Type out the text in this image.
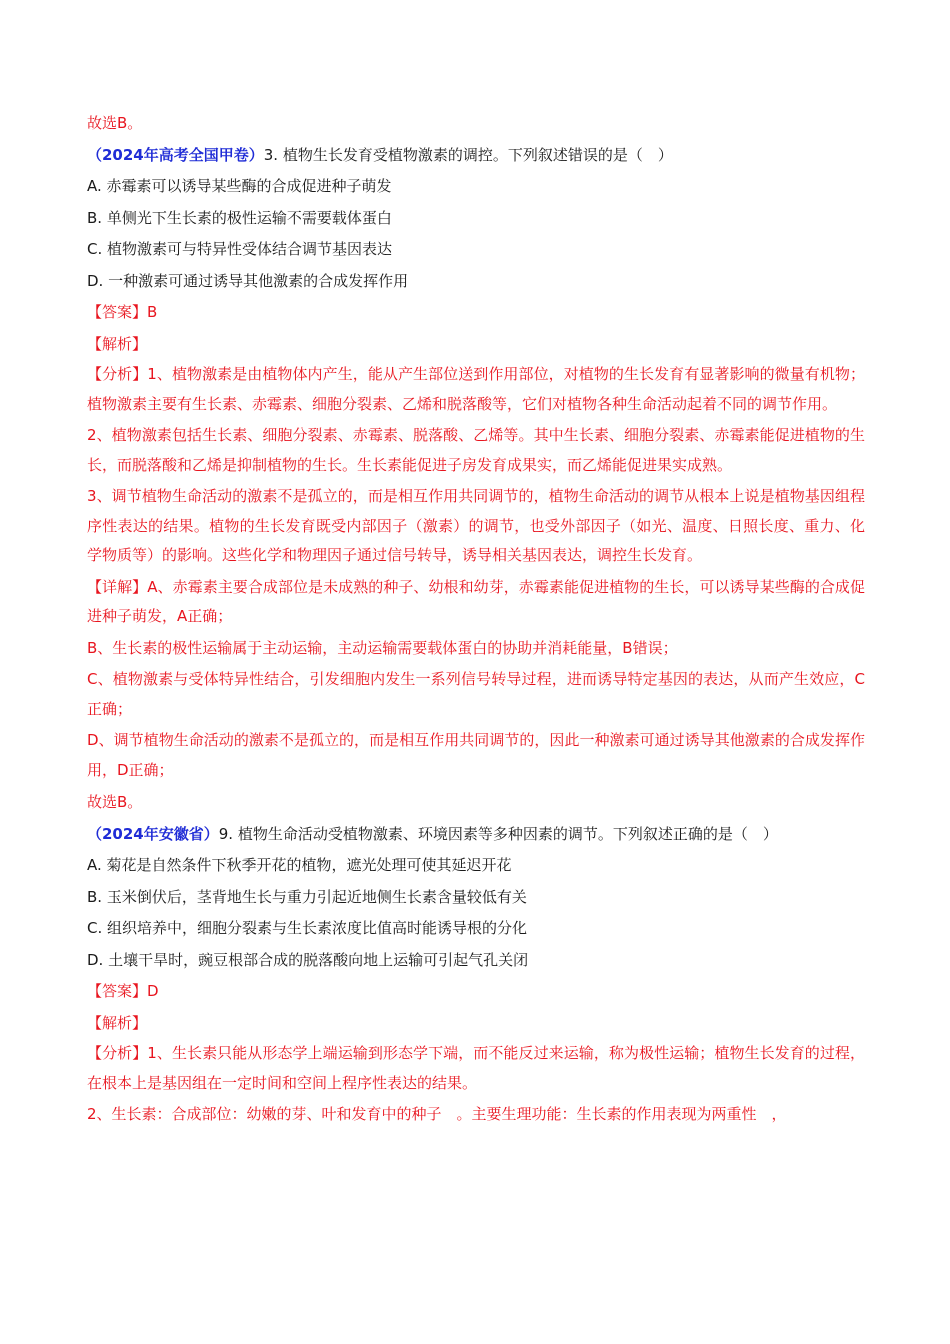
故选B。
（2024年高考全国甲卷）3. 植物生长发育受植物激素的调控。下列叙述错误的是（　）
A. 赤霉素可以诱导某些酶的合成促进种子萌发
B. 单侧光下生长素的极性运输不需要载体蛋白
C. 植物激素可与特异性受体结合调节基因表达
D. 一种激素可通过诱导其他激素的合成发挥作用
【答案】B
【解析】
【分析】1、植物激素是由植物体内产生，能从产生部位送到作用部位，对植物的生长发育有显著影响的微量有机物；植物激素主要有生长素、赤霉素、细胞分裂素、乙烯和脱落酸等，它们对植物各种生命活动起着不同的调节作用。
2、植物激素包括生长素、细胞分裂素、赤霉素、脱落酸、乙烯等。其中生长素、细胞分裂素、赤霉素能促进植物的生长，而脱落酸和乙烯是抑制植物的生长。生长素能促进子房发育成果实，而乙烯能促进果实成熟。
3、调节植物生命活动的激素不是孤立的，而是相互作用共同调节的，植物生命活动的调节从根本上说是植物基因组程序性表达的结果。植物的生长发育既受内部因子（激素）的调节，也受外部因子（如光、温度、日照长度、重力、化学物质等）的影响。这些化学和物理因子通过信号转导，诱导相关基因表达，调控生长发育。
【详解】A、赤霉素主要合成部位是未成熟的种子、幼根和幼芽，赤霉素能促进植物的生长，可以诱导某些酶的合成促进种子萌发，A正确；
B、生长素的极性运输属于主动运输，主动运输需要载体蛋白的协助并消耗能量，B错误；
C、植物激素与受体特异性结合，引发细胞内发生一系列信号转导过程，进而诱导特定基因的表达，从而产生效应，C正确；
D、调节植物生命活动的激素不是孤立的，而是相互作用共同调节的，因此一种激素可通过诱导其他激素的合成发挥作用，D正确；
故选B。
（2024年安徽省）9. 植物生命活动受植物激素、环境因素等多种因素的调节。下列叙述正确的是（　）
A. 菊花是自然条件下秋季开花的植物，遮光处理可使其延迟开花
B. 玉米倒伏后，茎背地生长与重力引起近地侧生长素含量较低有关
C. 组织培养中，细胞分裂素与生长素浓度比值高时能诱导根的分化
D. 土壤干旱时，豌豆根部合成的脱落酸向地上运输可引起气孔关闭
【答案】D
【解析】
【分析】1、生长素只能从形态学上端运输到形态学下端，而不能反过来运输，称为极性运输；植物生长发育的过程，在根本上是基因组在一定时间和空间上程序性表达的结果。
2、生长素：合成部位：幼嫩的芽、叶和发育中的种子　。主要生理功能：生长素的作用表现为两重性　，
